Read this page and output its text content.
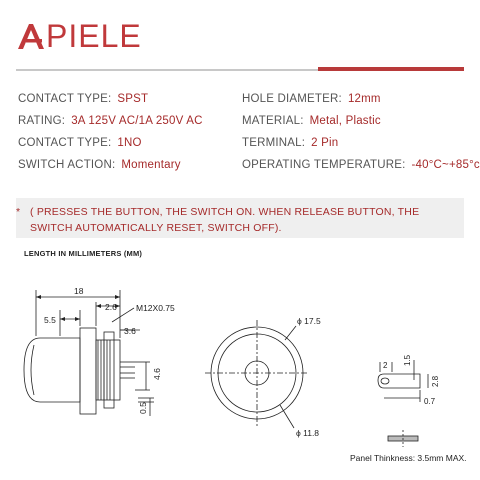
PIELE
CONTACT TYPE: SPST
RATING: 3A 125V AC/1A 250V AC
CONTACT TYPE: 1NO
SWITCH ACTION: Momentary
HOLE DIAMETER: 12mm
MATERIAL: Metal, Plastic
TERMINAL: 2 Pin
OPERATING TEMPERATURE: -40°C~+85°c
* ( PRESSES THE BUTTON, THE SWITCH ON. WHEN RELEASE BUTTON, THE SWITCH AUTOMATICALLY RESET, SWITCH OFF).
LENGTH IN MILLIMETERS (MM)
18
2.6
5.5
M12X0.75
3.6
4.6
0.5
ϕ 17.5
ϕ 11.8
2 1.5
2.8
0.7
Panel Thinkness: 3.5mm MAX.
